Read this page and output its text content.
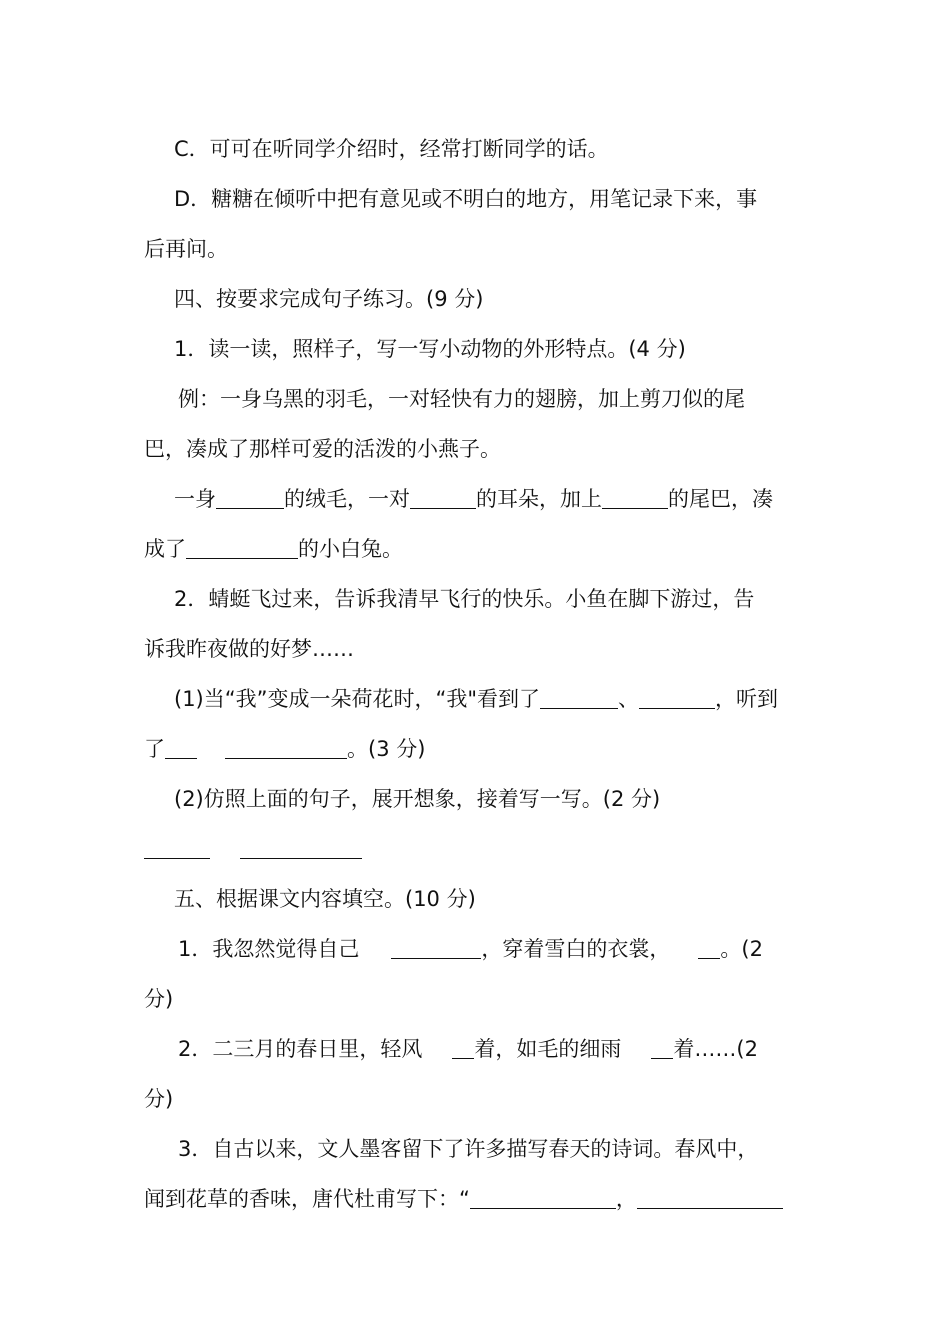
C．可可在听同学介绍时，经常打断同学的话。
D．糖糖在倾听中把有意见或不明白的地方，用笔记录下来，事
后再问。
四、按要求完成句子练习。(9 分)
1．读一读，照样子，写一写小动物的外形特点。(4 分)
例：一身乌黑的羽毛，一对轻快有力的翅膀，加上剪刀似的尾
巴，凑成了那样可爱的活泼的小燕子。
一身	的绒毛，一对	的耳朵，加上	的尾巴，凑
成了	的小白兔。
2．蜻蜓飞过来，告诉我清早飞行的快乐。小鱼在脚下游过，告
诉我昨夜做的好梦……
(1)当“我”变成一朵荷花时，“我"看到了	、	，听到
了	。(3 分)
(2)仿照上面的句子，展开想象，接着写一写。(2 分)
五、根据课文内容填空。(10 分)
1．我忽然觉得自己	，穿着雪白的衣裳， 。(2
分)
2．二三月的春日里，轻风 着，如毛的细雨 着……(2
分)
3．自古以来，文人墨客留下了许多描写春天的诗词。春风中，
闻到花草的香味，唐代杜甫写下：“	，
